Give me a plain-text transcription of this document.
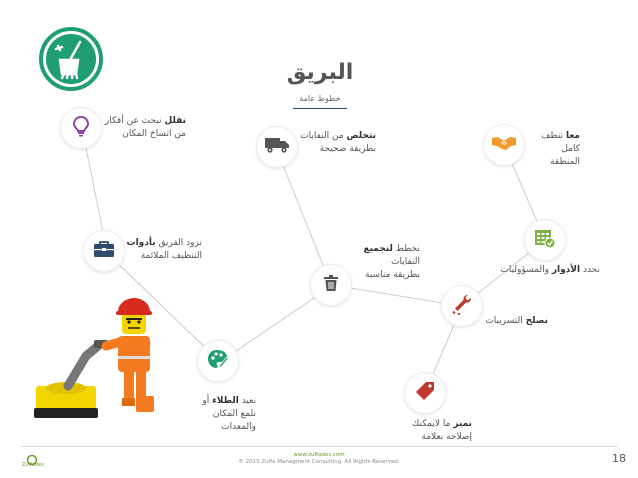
البريق
خطوط عامة
تقلل نبحث عن أفكار
من اتساخ المكان	نتخلص من النفايات
بطريقة صحيحة
معا ننظف كامل
المنطقة
نزود الفريق بأدوات
التنظيف الملائمة
نخطط لتجميع النفايات
بطريقة مناسبة	نحدد الأدوار والمسؤوليات
نصلح التسريبات
نعيد الطلاء أو
نلمع المكان
والمعدات	نميز ما لايمكنك
إصلاحه بعلامة
Zulfadev
www.zulfadev.com
© 2015 Zulfa Managment Consulting. All Rights Reserved.	18
